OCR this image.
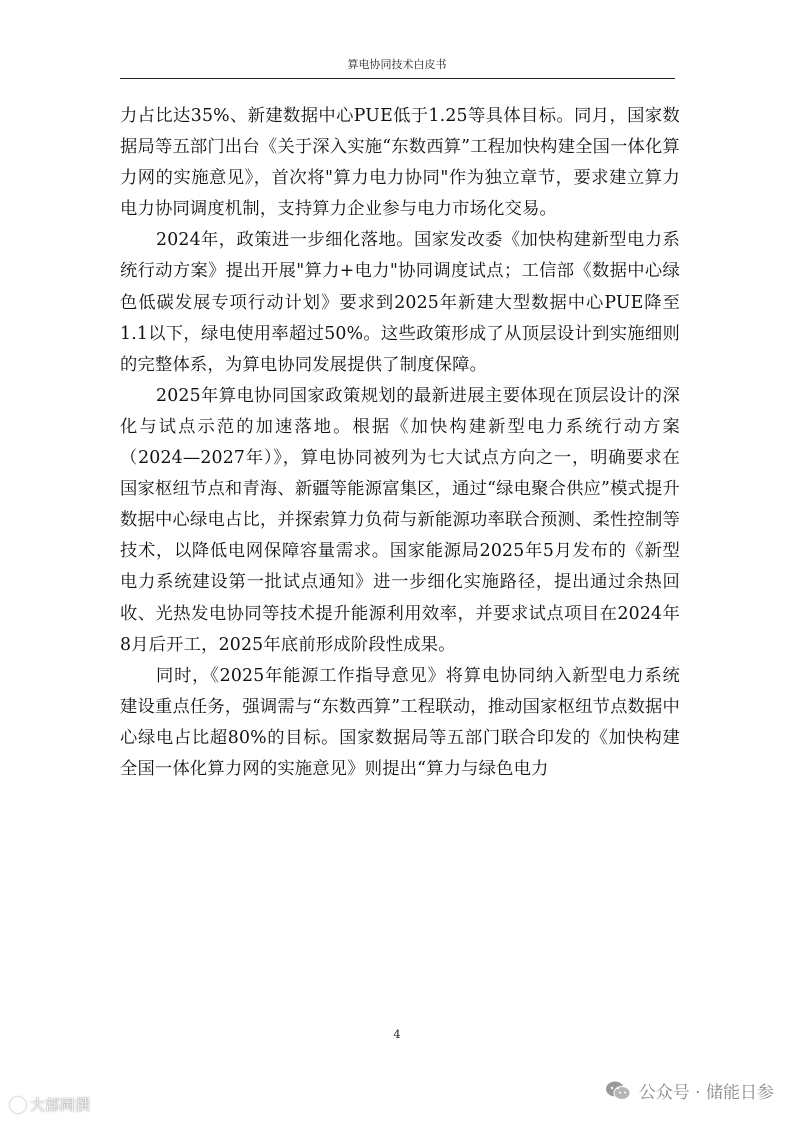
算电协同技术白皮书

力占比达35%、新建数据中心PUE低于1.25等具体目标。同月，国家数据局等五部门出台《关于深入实施“东数西算”工程加快构建全国一体化算力网的实施意见》，首次将"算力电力协同"作为独立章节，要求建立算力电力协同调度机制，支持算力企业参与电力市场化交易。

2024年，政策进一步细化落地。国家发改委《加快构建新型电力系统行动方案》提出开展"算力+电力"协同调度试点；工信部《数据中心绿色低碳发展专项行动计划》要求到2025年新建大型数据中心PUE降至1.1以下，绿电使用率超过50%。这些政策形成了从顶层设计到实施细则的完整体系，为算电协同发展提供了制度保障。

2025年算电协同国家政策规划的最新进展主要体现在顶层设计的深化与试点示范的加速落地。根据《加快构建新型电力系统行动方案（2024—2027年）》，算电协同被列为七大试点方向之一，明确要求在国家枢纽节点和青海、新疆等能源富集区，通过“绿电聚合供应”模式提升数据中心绿电占比，并探索算力负荷与新能源功率联合预测、柔性控制等技术，以降低电网保障容量需求。国家能源局2025年5月发布的《新型电力系统建设第一批试点通知》进一步细化实施路径，提出通过余热回收、光热发电协同等技术提升能源利用效率，并要求试点项目在2024年8月后开工，2025年底前形成阶段性成果。

同时，《2025年能源工作指导意见》将算电协同纳入新型电力系统建设重点任务，强调需与“东数西算”工程联动，推动国家枢纽节点数据中心绿电占比超80%的目标。国家数据局等五部门联合印发的《加快构建全国一体化算力网的实施意见》则提出“算力与绿色电力

4
大部岡撰
公众号 · 储能日参
